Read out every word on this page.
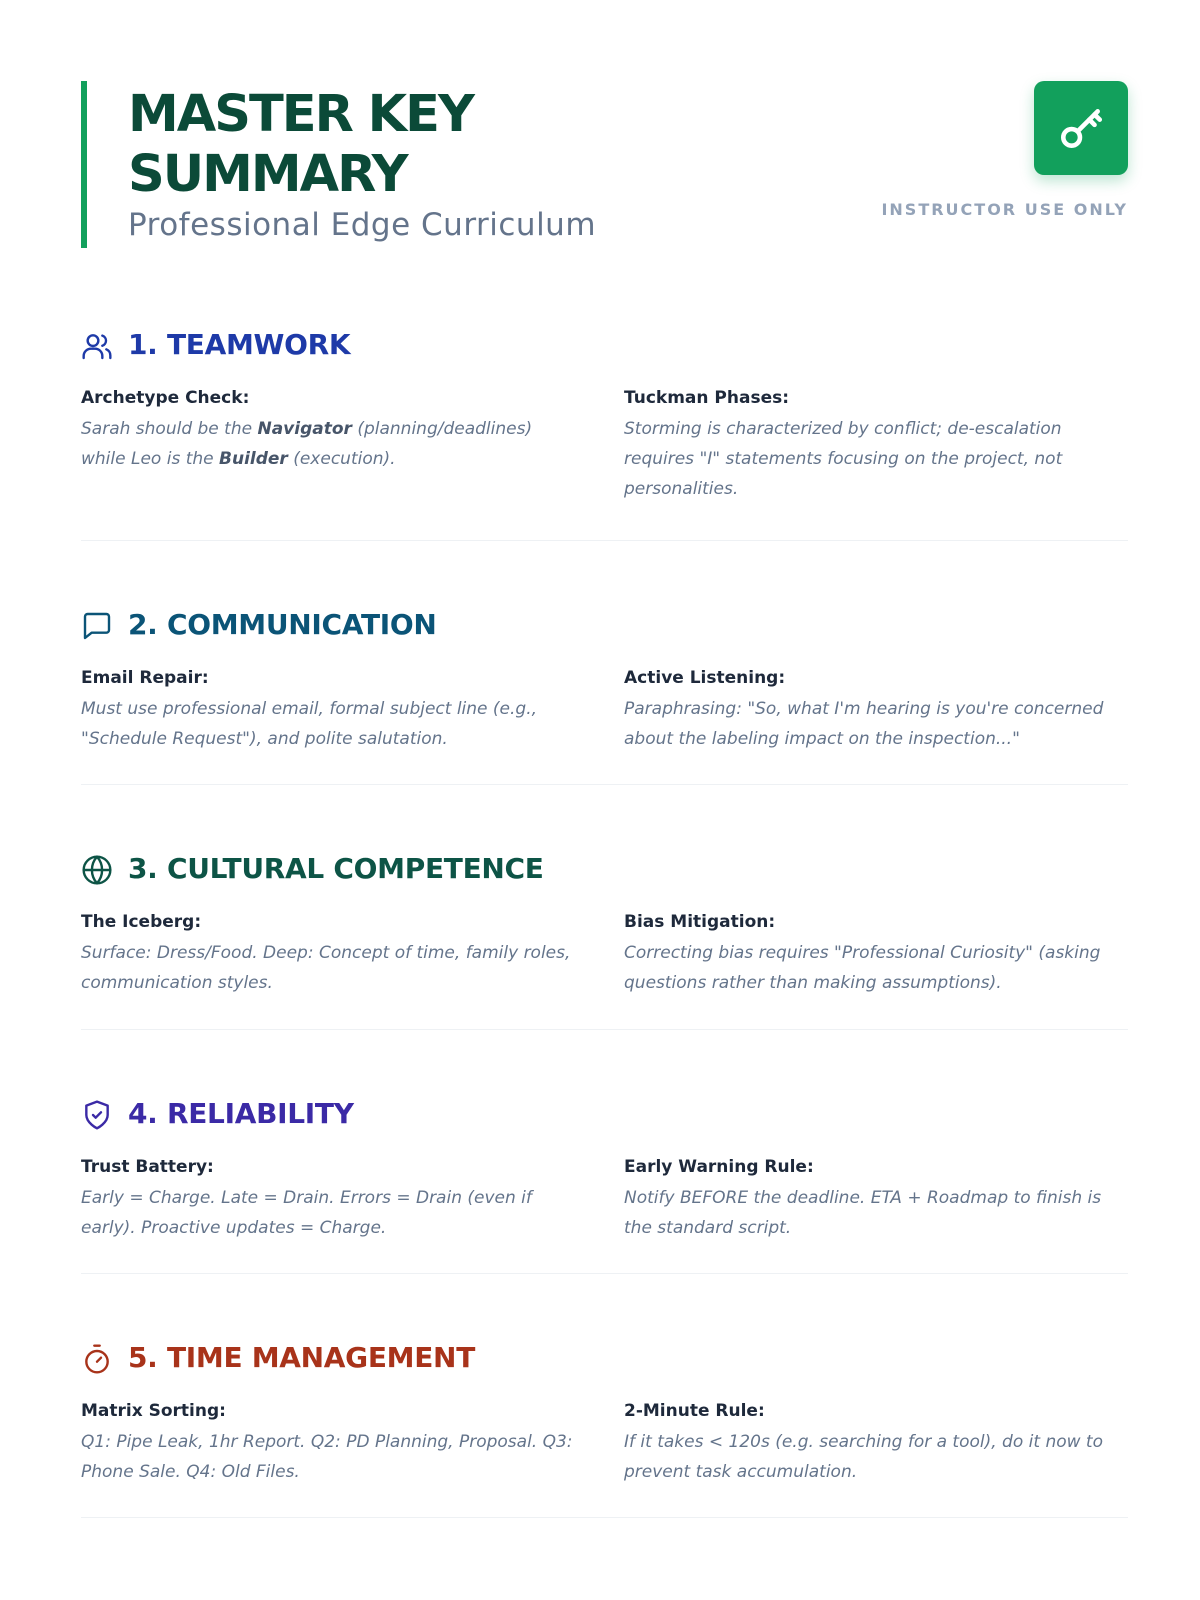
MASTER KEY
SUMMARY
Professional Edge Curriculum	INSTRUCTOR USE ONLY
1. TEAMWORK
Archetype Check:
Sarah should be the Navigator (planning/deadlines) while Leo is the Builder (execution).
Tuckman Phases:
Storming is characterized by conflict; de-escalation requires "I" statements focusing on the project, not personalities.
2. COMMUNICATION
Email Repair:
Must use professional email, formal subject line (e.g., "Schedule Request"), and polite salutation.
Active Listening:
Paraphrasing: "So, what I'm hearing is you're concerned about the labeling impact on the inspection..."
3. CULTURAL COMPETENCE
The Iceberg:
Surface: Dress/Food. Deep: Concept of time, family roles, communication styles.
Bias Mitigation:
Correcting bias requires "Professional Curiosity" (asking questions rather than making assumptions).
4. RELIABILITY
Trust Battery:
Early = Charge. Late = Drain. Errors = Drain (even if early). Proactive updates = Charge.
Early Warning Rule:
Notify BEFORE the deadline. ETA + Roadmap to finish is the standard script.
5. TIME MANAGEMENT
Matrix Sorting:
Q1: Pipe Leak, 1hr Report. Q2: PD Planning, Proposal. Q3: Phone Sale. Q4: Old Files.
2-Minute Rule:
If it takes < 120s (e.g. searching for a tool), do it now to prevent task accumulation.
